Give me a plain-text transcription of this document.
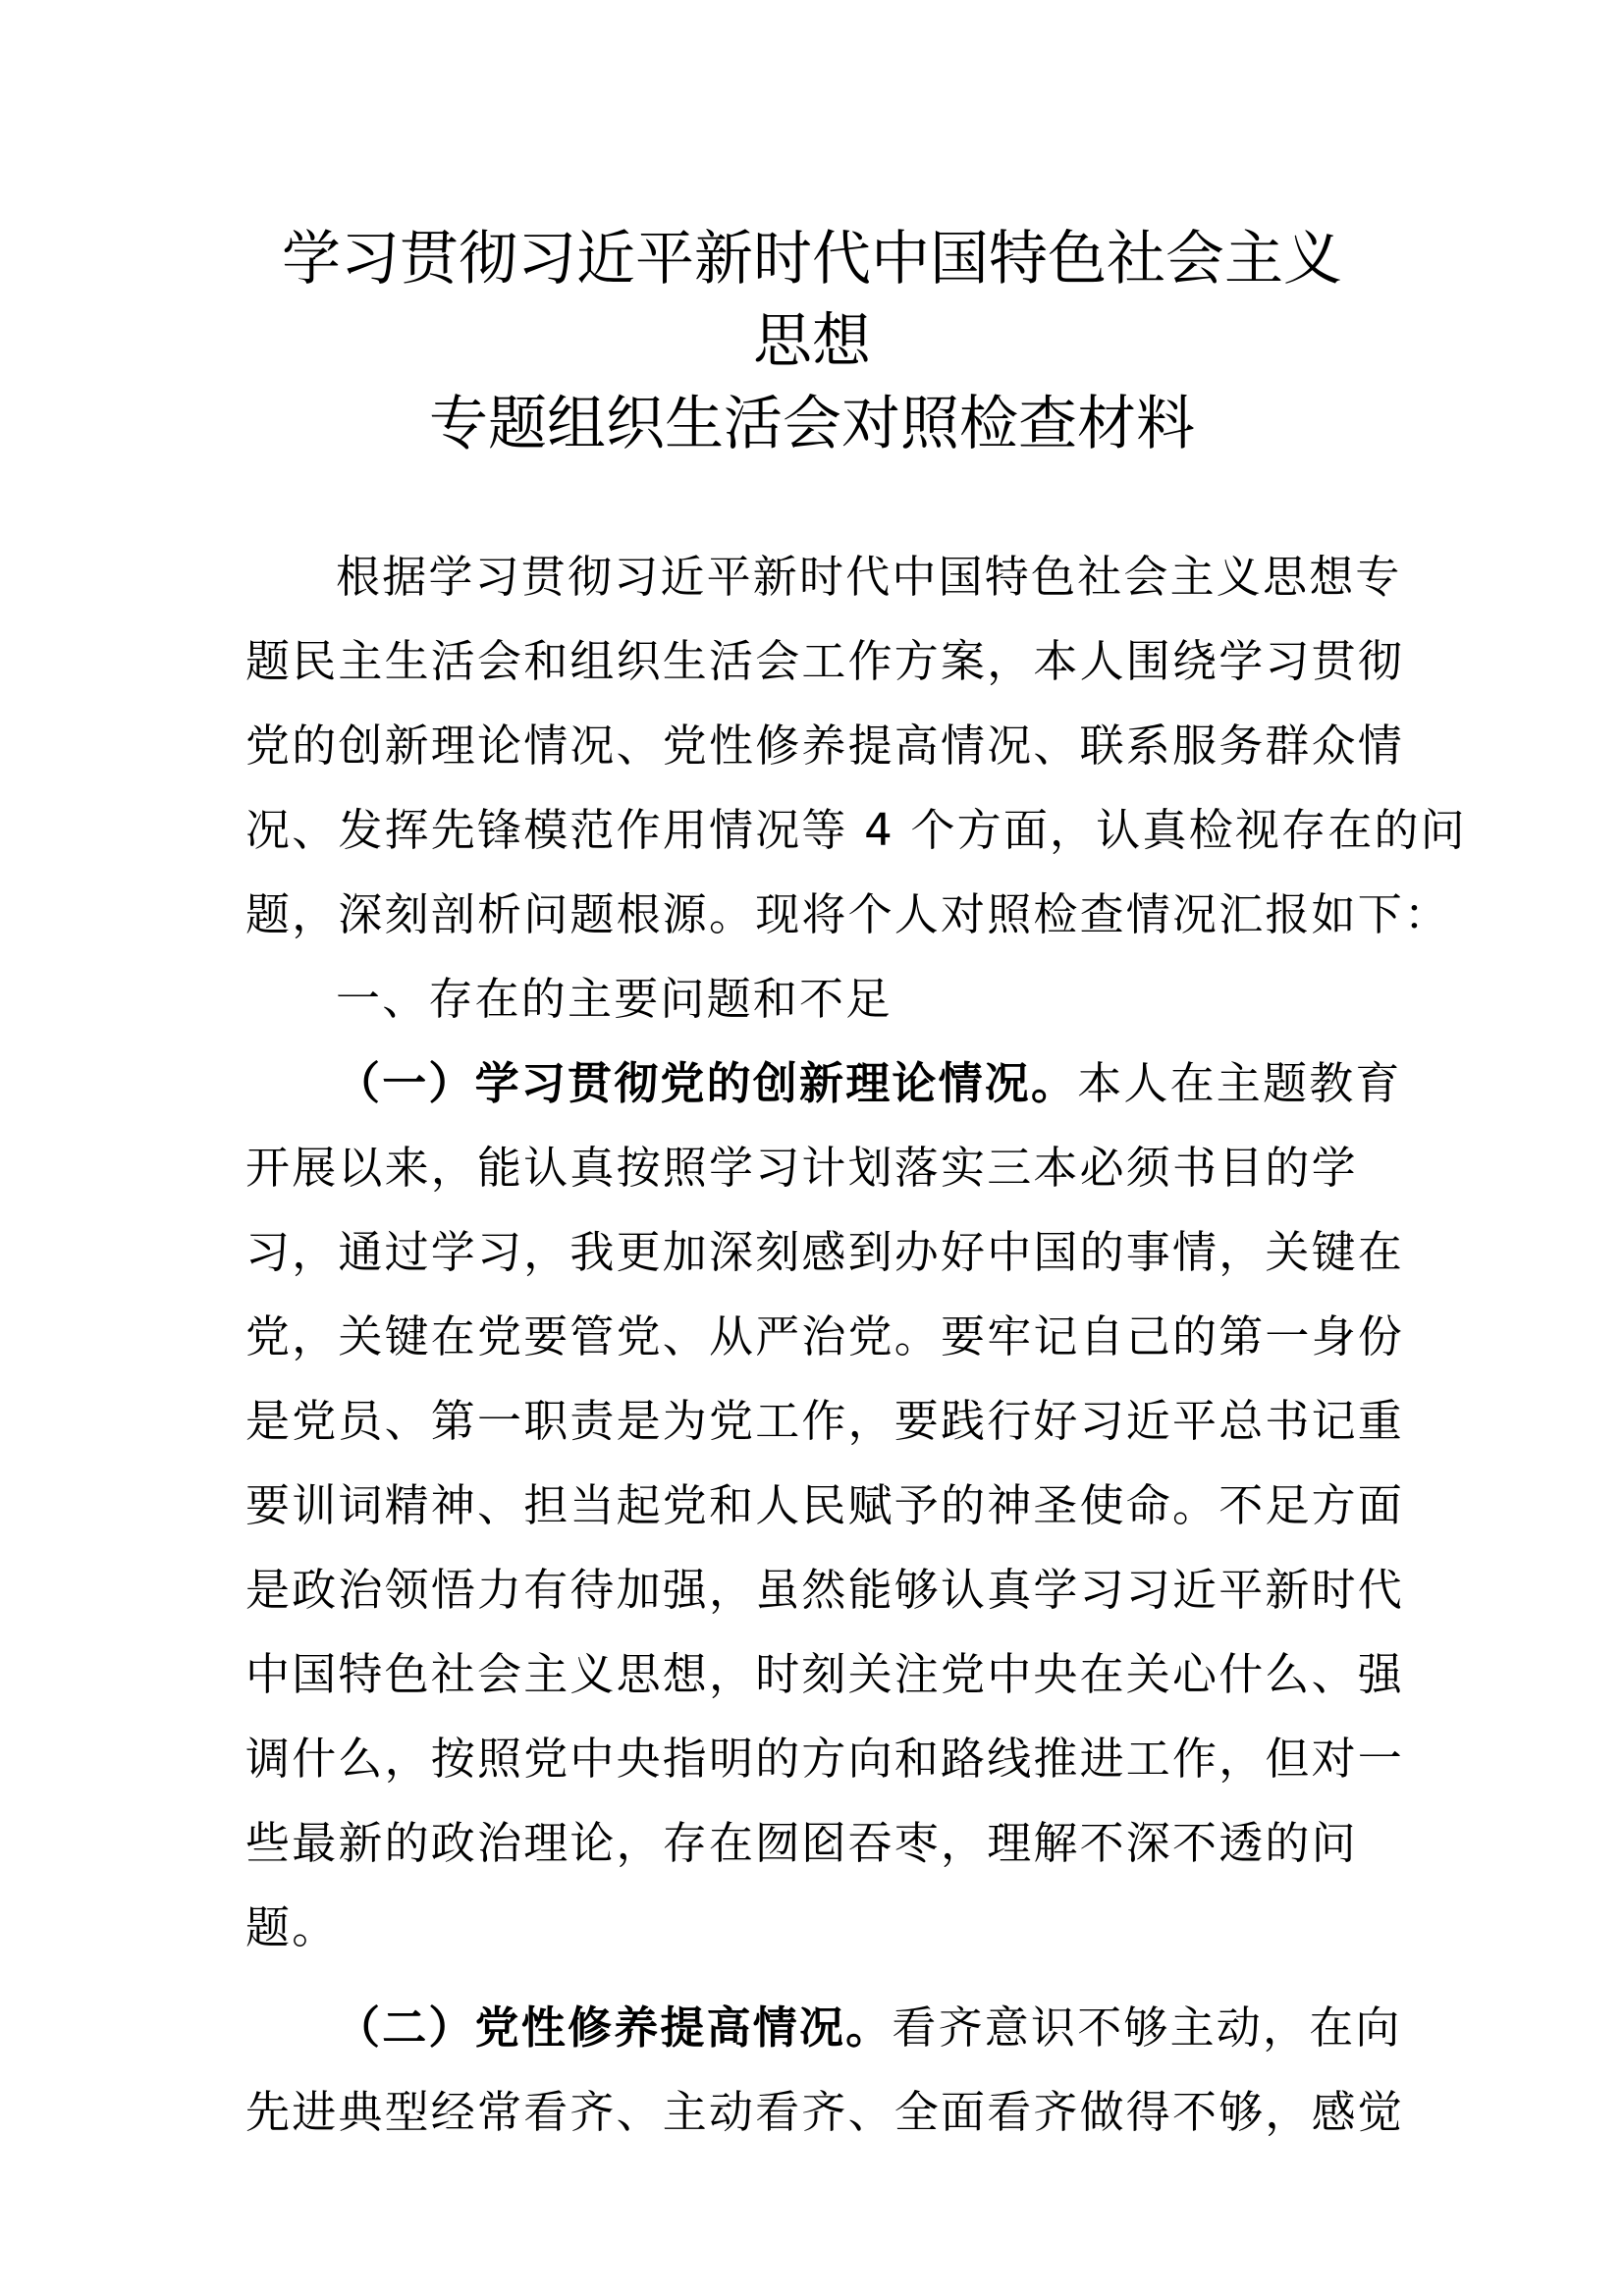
学习贯彻习近平新时代中国特色社会主义
思想
专题组织生活会对照检查材料
根据学习贯彻习近平新时代中国特色社会主义思想专
题民主生活会和组织生活会工作方案，本人围绕学习贯彻
党的创新理论情况、党性修养提高情况、联系服务群众情
况、发挥先锋模范作用情况等 4 个方面，认真检视存在的问
题，深刻剖析问题根源。现将个人对照检查情况汇报如下：
一、存在的主要问题和不足
（一）学习贯彻党的创新理论情况。本人在主题教育
开展以来，能认真按照学习计划落实三本必须书目的学
习，通过学习，我更加深刻感到办好中国的事情，关键在
党，关键在党要管党、从严治党。要牢记自己的第一身份
是党员、第一职责是为党工作，要践行好习近平总书记重
要训词精神、担当起党和人民赋予的神圣使命。不足方面
是政治领悟力有待加强，虽然能够认真学习习近平新时代
中国特色社会主义思想，时刻关注党中央在关心什么、强
调什么，按照党中央指明的方向和路线推进工作，但对一
些最新的政治理论，存在囫囵吞枣，理解不深不透的问
题。
（二）党性修养提高情况。看齐意识不够主动，在向
先进典型经常看齐、主动看齐、全面看齐做得不够，感觉
